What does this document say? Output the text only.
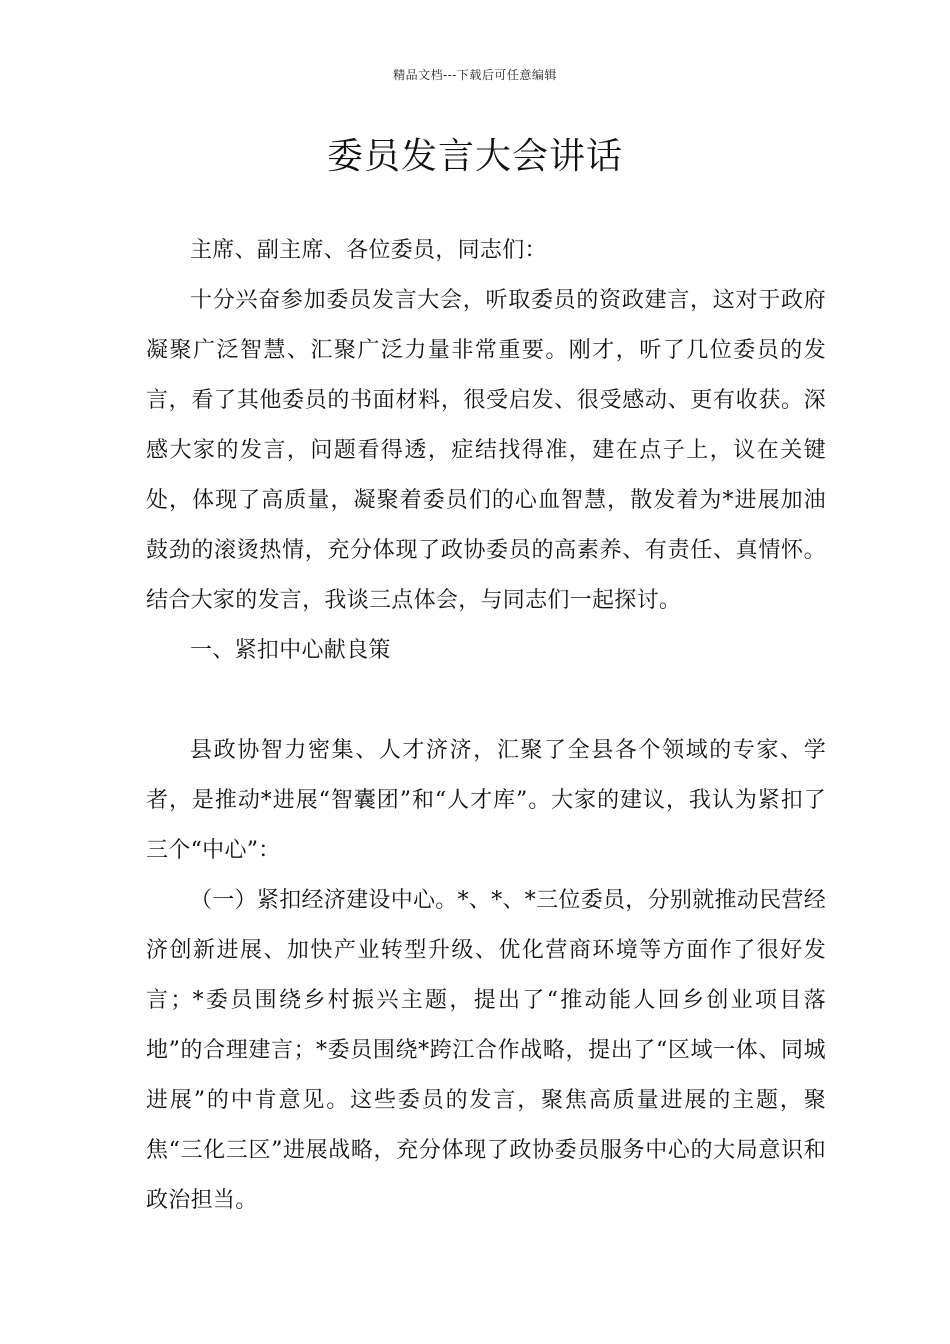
精品文档---下载后可任意编辑
委员发言大会讲话

主席、副主席、各位委员，同志们：

十分兴奋参加委员发言大会，听取委员的资政建言，这对于政府凝聚广泛智慧、汇聚广泛力量非常重要。刚才，听了几位委员的发言，看了其他委员的书面材料，很受启发、很受感动、更有收获。深感大家的发言，问题看得透，症结找得准，建在点子上，议在关键处，体现了高质量，凝聚着委员们的心血智慧，散发着为*进展加油鼓劲的滚烫热情，充分体现了政协委员的高素养、有责任、真情怀。结合大家的发言，我谈三点体会，与同志们一起探讨。

一、紧扣中心献良策

县政协智力密集、人才济济，汇聚了全县各个领域的专家、学者，是推动*进展“智囊团”和“人才库”。大家的建议，我认为紧扣了三个“中心”：

（一）紧扣经济建设中心。*、*、*三位委员，分别就推动民营经济创新进展、加快产业转型升级、优化营商环境等方面作了很好发言；*委员围绕乡村振兴主题，提出了“推动能人回乡创业项目落地”的合理建言；*委员围绕*跨江合作战略，提出了“区域一体、同城进展”的中肯意见。这些委员的发言，聚焦高质量进展的主题，聚焦“三化三区”进展战略，充分体现了政协委员服务中心的大局意识和政治担当。
